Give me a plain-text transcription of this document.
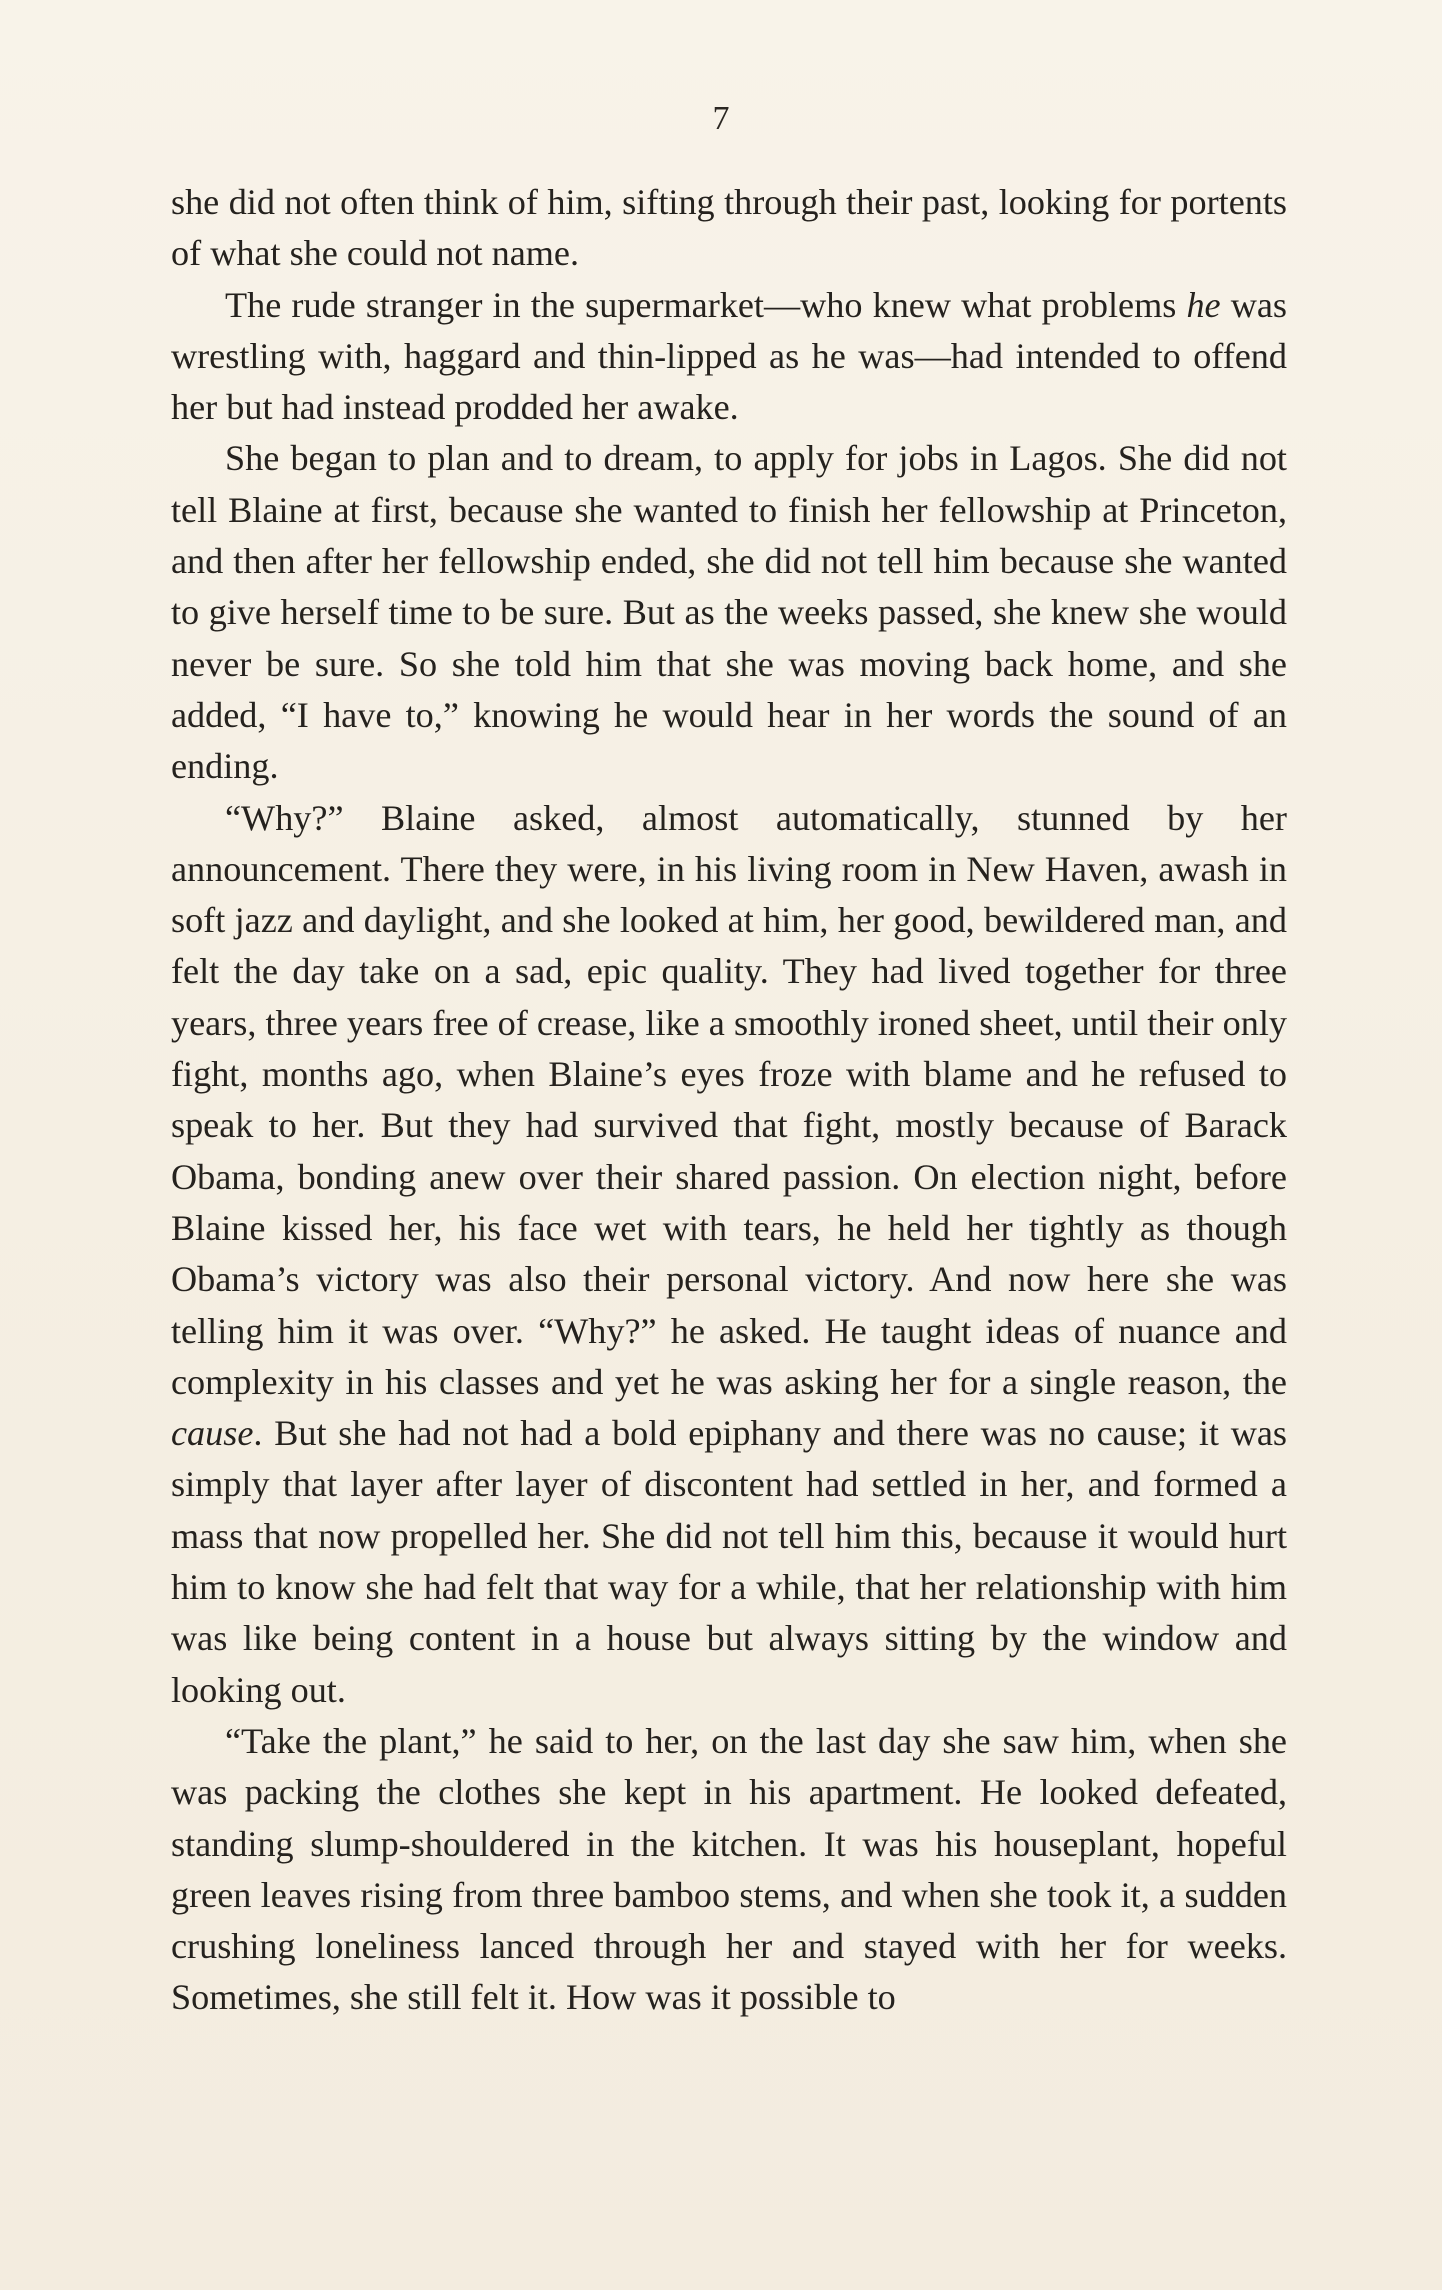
7

she did not often think of him, sifting through their past, looking for portents of what she could not name.

The rude stranger in the supermarket—who knew what problems he was wrestling with, haggard and thin-lipped as he was—had intended to offend her but had instead prodded her awake.

She began to plan and to dream, to apply for jobs in Lagos. She did not tell Blaine at first, because she wanted to finish her fellowship at Princeton, and then after her fellowship ended, she did not tell him because she wanted to give herself time to be sure. But as the weeks passed, she knew she would never be sure. So she told him that she was moving back home, and she added, “I have to,” knowing he would hear in her words the sound of an ending.

“Why?” Blaine asked, almost automatically, stunned by her announcement. There they were, in his living room in New Haven, awash in soft jazz and daylight, and she looked at him, her good, bewildered man, and felt the day take on a sad, epic quality. They had lived together for three years, three years free of crease, like a smoothly ironed sheet, until their only fight, months ago, when Blaine’s eyes froze with blame and he refused to speak to her. But they had survived that fight, mostly because of Barack Obama, bonding anew over their shared passion. On election night, before Blaine kissed her, his face wet with tears, he held her tightly as though Obama’s victory was also their personal victory. And now here she was telling him it was over. “Why?” he asked. He taught ideas of nuance and complexity in his classes and yet he was asking her for a single reason, the cause. But she had not had a bold epiphany and there was no cause; it was simply that layer after layer of discontent had settled in her, and formed a mass that now propelled her. She did not tell him this, because it would hurt him to know she had felt that way for a while, that her relationship with him was like being content in a house but always sitting by the window and looking out.

“Take the plant,” he said to her, on the last day she saw him, when she was packing the clothes she kept in his apartment. He looked defeated, standing slump-shouldered in the kitchen. It was his houseplant, hopeful green leaves rising from three bamboo stems, and when she took it, a sudden crushing loneliness lanced through her and stayed with her for weeks. Sometimes, she still felt it. How was it possible to
